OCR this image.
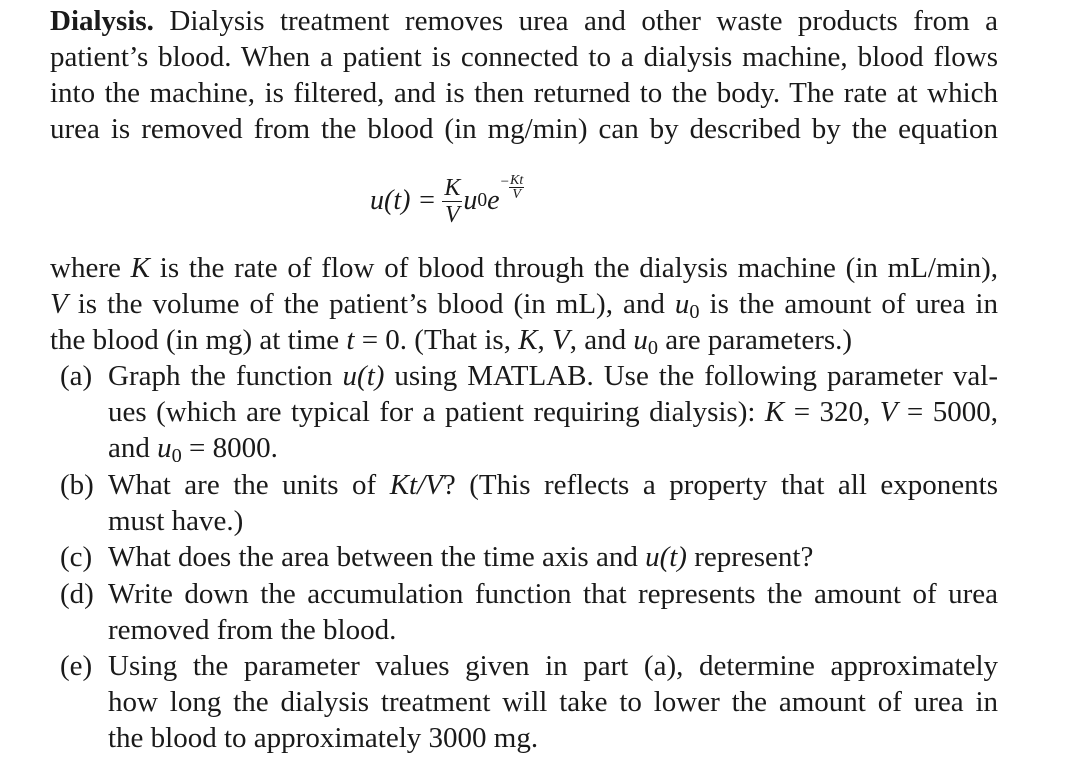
Dialysis. Dialysis treatment removes urea and other waste products from a
patient’s blood. When a patient is connected to a dialysis machine, blood flows
into the machine, is filtered, and is then returned to the body. The rate at which
urea is removed from the blood (in mg/min) can by described by the equation
$u(t) = \frac{K}{V}$ u 0 e
− $\frac{Kt}{V}$
where K is the rate of flow of blood through the dialysis machine (in mL/min),
V is the volume of the patient’s blood (in mL), and $u_0$ is the amount of urea in
the blood (in mg) at time t = 0. (That is, K, V, and $u_0$ are parameters.)
(a) Graph the function u(t) using MATLAB. Use the following parameter val-
ues (which are typical for a patient requiring dialysis): K = 320, V = 5000,
and $u_0 = 8000$.
(b) What are the units of Kt/V? (This reflects a property that all exponents
must have.)
(c) What does the area between the time axis and u(t) represent?
(d) Write down the accumulation function that represents the amount of urea
removed from the blood.
(e) Using the parameter values given in part (a), determine approximately
how long the dialysis treatment will take to lower the amount of urea in
the blood to approximately 3000 mg.
